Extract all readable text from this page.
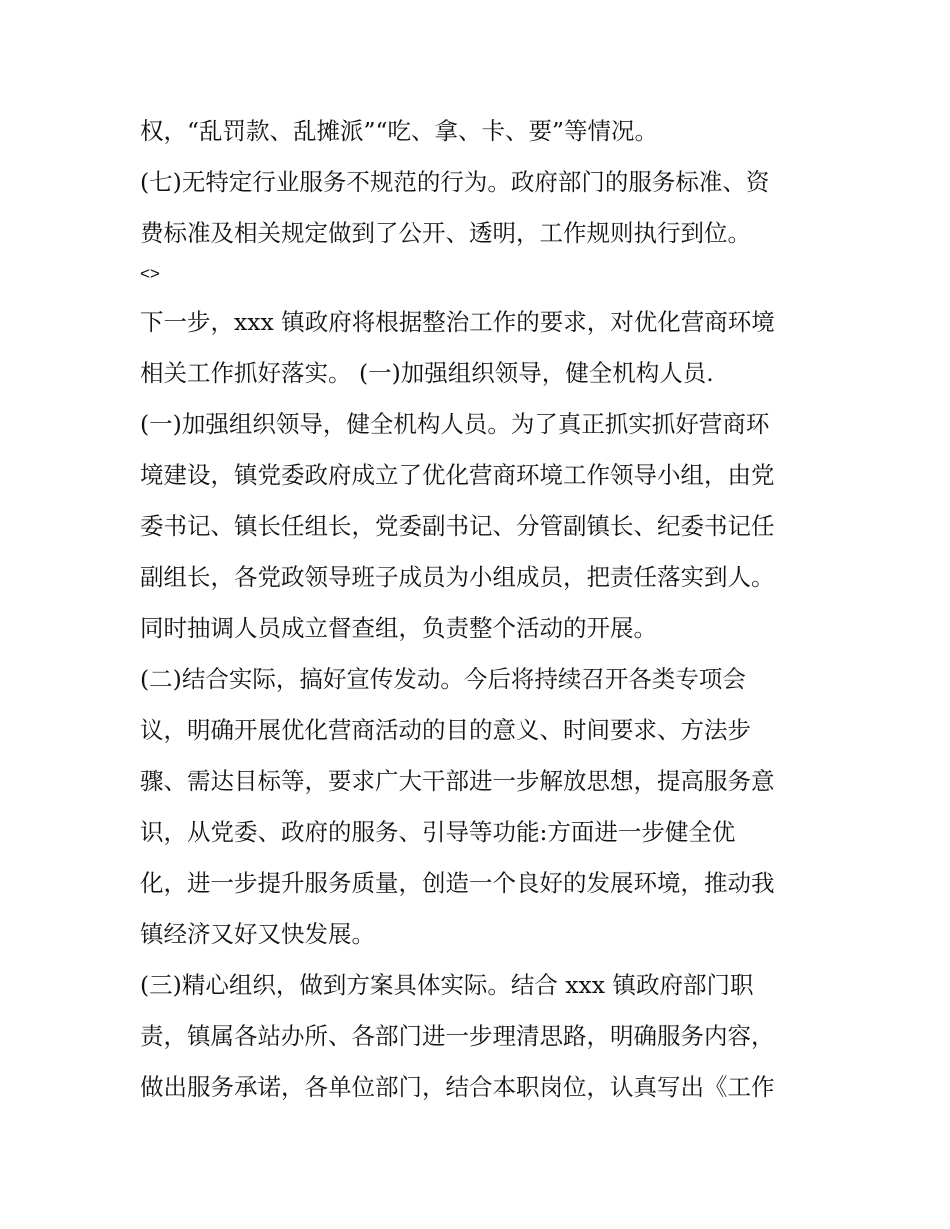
权，“乱罚款、乱摊派”“吃、拿、卡、要”等情况。
(七)无特定行业服务不规范的行为。政府部门的服务标准、资
费标准及相关规定做到了公开、透明，工作规则执行到位。
<>
下一步，xxx 镇政府将根据整治工作的要求，对优化营商环境
相关工作抓好落实。 (一)加强组织领导，健全机构人员.
(一)加强组织领导，健全机构人员。为了真正抓实抓好营商环
境建设，镇党委政府成立了优化营商环境工作领导小组，由党
委书记、镇长任组长，党委副书记、分管副镇长、纪委书记任
副组长，各党政领导班子成员为小组成员，把责任落实到人。
同时抽调人员成立督查组，负责整个活动的开展。
(二)结合实际，搞好宣传发动。今后将持续召开各类专项会
议，明确开展优化营商活动的目的意义、时间要求、方法步
骤、需达目标等，要求广大干部进一步解放思想，提高服务意
识，从党委、政府的服务、引导等功能:方面进一步健全优
化，进一步提升服务质量，创造一个良好的发展环境，推动我
镇经济又好又快发展。
(三)精心组织，做到方案具体实际。结合 xxx 镇政府部门职
责，镇属各站办所、各部门进一步理清思路，明确服务内容，
做出服务承诺，各单位部门，结合本职岗位，认真写出《工作
